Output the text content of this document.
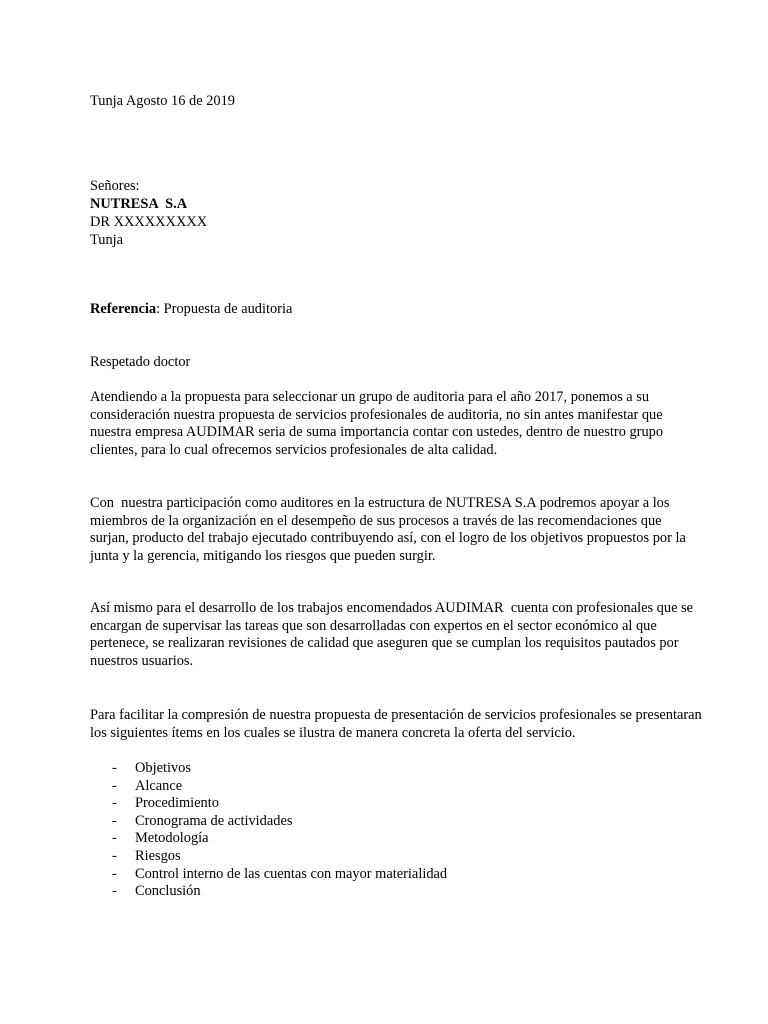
Tunja Agosto 16 de 2019
Señores:
NUTRESA  S.A
DR XXXXXXXXX
Tunja
Referencia: Propuesta de auditoria
Respetado doctor
Atendiendo a la propuesta para seleccionar un grupo de auditoria para el año 2017, ponemos a su
consideración nuestra propuesta de servicios profesionales de auditoria, no sin antes manifestar que
nuestra empresa AUDIMAR seria de suma importancia contar con ustedes, dentro de nuestro grupo
clientes, para lo cual ofrecemos servicios profesionales de alta calidad.
Con  nuestra participación como auditores en la estructura de NUTRESA S.A podremos apoyar a los
miembros de la organización en el desempeño de sus procesos a través de las recomendaciones que
surjan, producto del trabajo ejecutado contribuyendo así, con el logro de los objetivos propuestos por la
junta y la gerencia, mitigando los riesgos que pueden surgir.
Así mismo para el desarrollo de los trabajos encomendados AUDIMAR  cuenta con profesionales que se
encargan de supervisar las tareas que son desarrolladas con expertos en el sector económico al que
pertenece, se realizaran revisiones de calidad que aseguren que se cumplan los requisitos pautados por
nuestros usuarios.
Para facilitar la compresión de nuestra propuesta de presentación de servicios profesionales se presentaran
los siguientes ítems en los cuales se ilustra de manera concreta la oferta del servicio.
- Objetivos
- Alcance
- Procedimiento
- Cronograma de actividades
- Metodología
- Riesgos
- Control interno de las cuentas con mayor materialidad
- Conclusión
